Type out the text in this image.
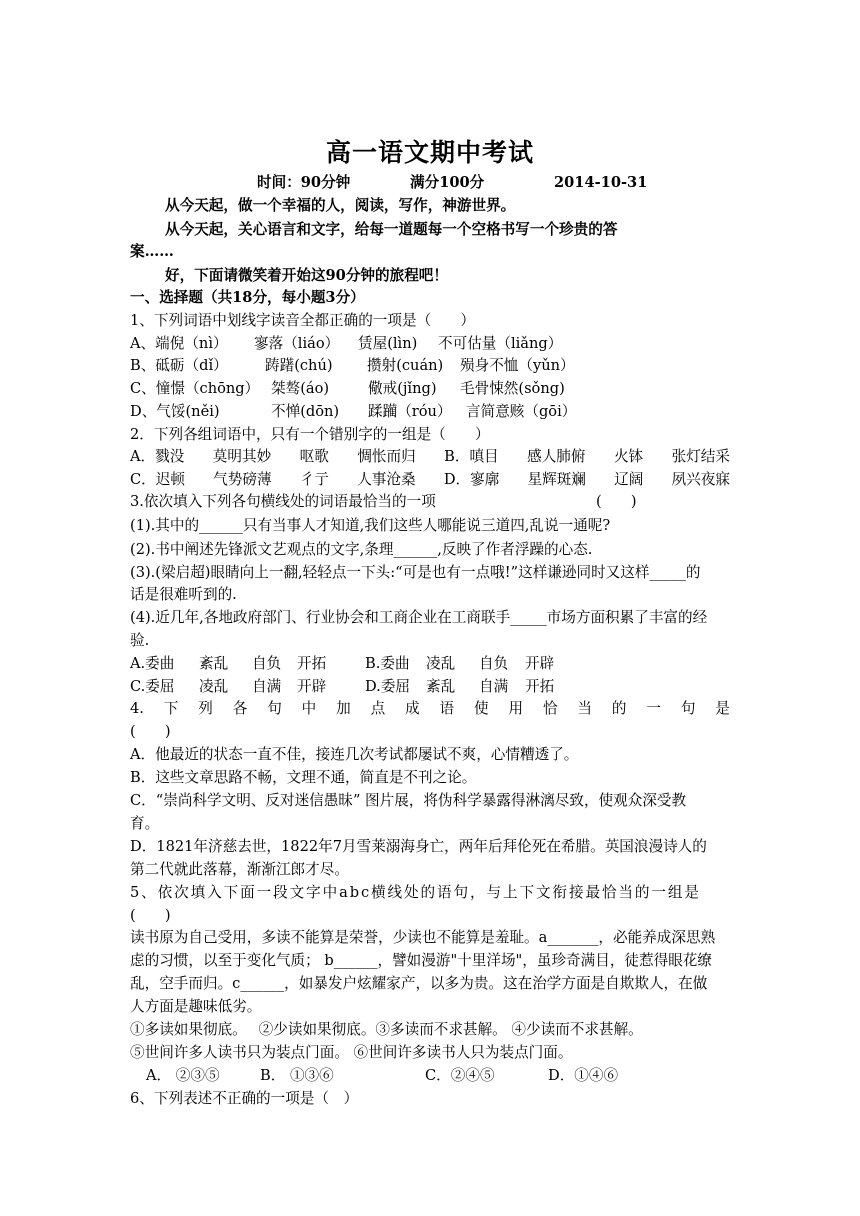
高一语文期中考试
时间：90分钟	满分100分	2014-10-31
从今天起，做一个幸福的人，阅读，写作，神游世界。
从今天起，关心语言和文字，给每一道题每一个空格书写一个珍贵的答
案……
好，下面请微笑着开始这90分钟的旅程吧！
一、选择题（共18分，每小题3分）
1、下列词语中划线字读音全都正确的一项是（　　）
A、端倪（nì） 寥落（liáo） 赁屋(lìn) 不可估量（liǎng）
B、砥砺（dǐ）	踌躇(chú) 攒射(cuán) 殒身不恤（yǔn）
C、憧憬（chōng） 桀骜(áo)	儆戒(jǐng) 毛骨悚然(sǒng)
D、气馁(něi)	不惮(dōn) 蹂躏（róu） 言简意赅（gōi）
2．下列各组词语中，只有一个错别字的一组是（　　）
A．戮没 莫明其妙 呕歌 惆怅而归 B．嗔目 感人肺俯 火钵 张灯结采
C．迟顿 气势磅薄 彳亍 人事沧桑 D．寥廓 星辉斑斓 辽阔 夙兴夜寐
3.依次填入下列各句横线处的词语最恰当的一项	(　　)
(1).其中的______只有当事人才知道,我们这些人哪能说三道四,乱说一通呢?
(2).书中阐述先锋派文艺观点的文字,条理______,反映了作者浮躁的心态.
(3).(梁启超)眼睛向上一翻,轻轻点一下头:“可是也有一点哦!”这样谦逊同时又这样_____的
话是很难听到的.
(4).近几年,各地政府部门、行业协会和工商企业在工商联手_____市场方面积累了丰富的经
验.
A.委曲 紊乱 自负 开拓	B.委曲 凌乱 自负 开辟
C.委屈 凌乱 自满 开辟	D.委屈 紊乱 自满 开拓
4. 下 列 各 句 中 加 点 成 语 使 用 恰 当 的 一 句 是
(　　)
A．他最近的状态一直不佳，接连几次考试都屡试不爽，心情糟透了。
B．这些文章思路不畅，文理不通，简直是不刊之论。
C．“崇尚科学文明、反对迷信愚昧” 图片展，将伪科学暴露得淋漓尽致，使观众深受教
育。
D．1821年济慈去世，1822年7月雪莱溺海身亡，两年后拜伦死在希腊。英国浪漫诗人的
第二代就此落幕，渐渐江郎才尽。
5、依次填入下面一段文字中abc横线处的语句，与上下文衔接最恰当的一组是
(　　)
读书原为自己受用，多读不能算是荣誉，少读也不能算是羞耻。a_______，必能养成深思熟
虑的习惯，以至于变化气质； b______，譬如漫游"十里洋场"，虽珍奇满目，徒惹得眼花缭
乱，空手而归。c______，如暴发户炫耀家产，以多为贵。这在治学方面是自欺欺人，在做
人方面是趣味低劣。
①多读如果彻底。　 ②少读如果彻底。③多读而不求甚解。 ④少读而不求甚解。
⑤世间许多人读书只为装点门面。 ⑥世间许多读书人只为装点门面。
A． ②③⑤	B． ①③⑥	C．②④⑤	D．①④⑥
6、下列表述不正确的一项是（　）
